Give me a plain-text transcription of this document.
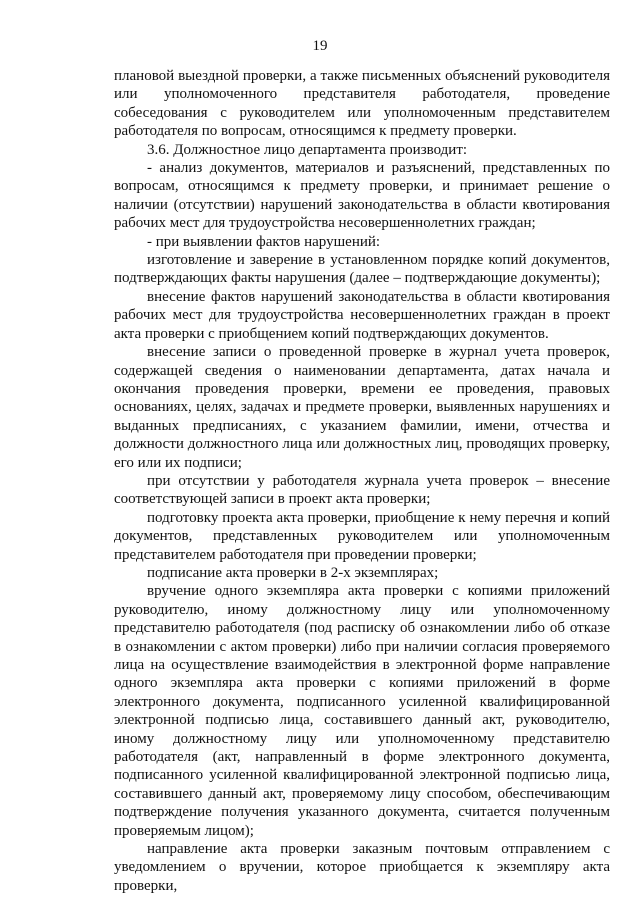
19

плановой выездной проверки, а также письменных объяснений руководителя или уполномоченного представителя работодателя, проведение собеседования с руководителем или уполномоченным представителем работодателя по вопросам, относящимся к предмету проверки.

3.6. Должностное лицо департамента производит:

- анализ документов, материалов и разъяснений, представленных по вопросам, относящимся к предмету проверки, и принимает решение о наличии (отсутствии) нарушений законодательства в области квотирования рабочих мест для трудоустройства несовершеннолетних граждан;

- при выявлении фактов нарушений:

изготовление и заверение в установленном порядке копий документов, подтверждающих факты нарушения (далее – подтверждающие документы);

внесение фактов нарушений законодательства в области квотирования рабочих мест для трудоустройства несовершеннолетних граждан в проект акта проверки с приобщением копий подтверждающих документов.

внесение записи о проведенной проверке в журнал учета проверок, содержащей сведения о наименовании департамента, датах начала и окончания проведения проверки, времени ее проведения, правовых основаниях, целях, задачах и предмете проверки, выявленных нарушениях и выданных предписаниях, с указанием фамилии, имени, отчества и должности должностного лица или должностных лиц, проводящих проверку, его или их подписи;

при отсутствии у работодателя журнала учета проверок – внесение соответствующей записи в проект акта проверки;

подготовку проекта акта проверки, приобщение к нему перечня и копий документов, представленных руководителем или уполномоченным представителем работодателя при проведении проверки;

подписание акта проверки в 2-х экземплярах;

вручение одного экземпляра акта проверки с копиями приложений руководителю, иному должностному лицу или уполномоченному представителю работодателя (под расписку об ознакомлении либо об отказе в ознакомлении с актом проверки) либо при наличии согласия проверяемого лица на осуществление взаимодействия в электронной форме направление одного экземпляра акта проверки с копиями приложений в форме электронного документа, подписанного усиленной квалифицированной электронной подписью лица, составившего данный акт, руководителю, иному должностному лицу или уполномоченному представителю работодателя (акт, направленный в форме электронного документа, подписанного усиленной квалифицированной электронной подписью лица, составившего данный акт, проверяемому лицу способом, обеспечивающим подтверждение получения указанного документа, считается полученным проверяемым лицом);

направление акта проверки заказным почтовым отправлением с уведомлением о вручении, которое приобщается к экземпляру акта проверки,
